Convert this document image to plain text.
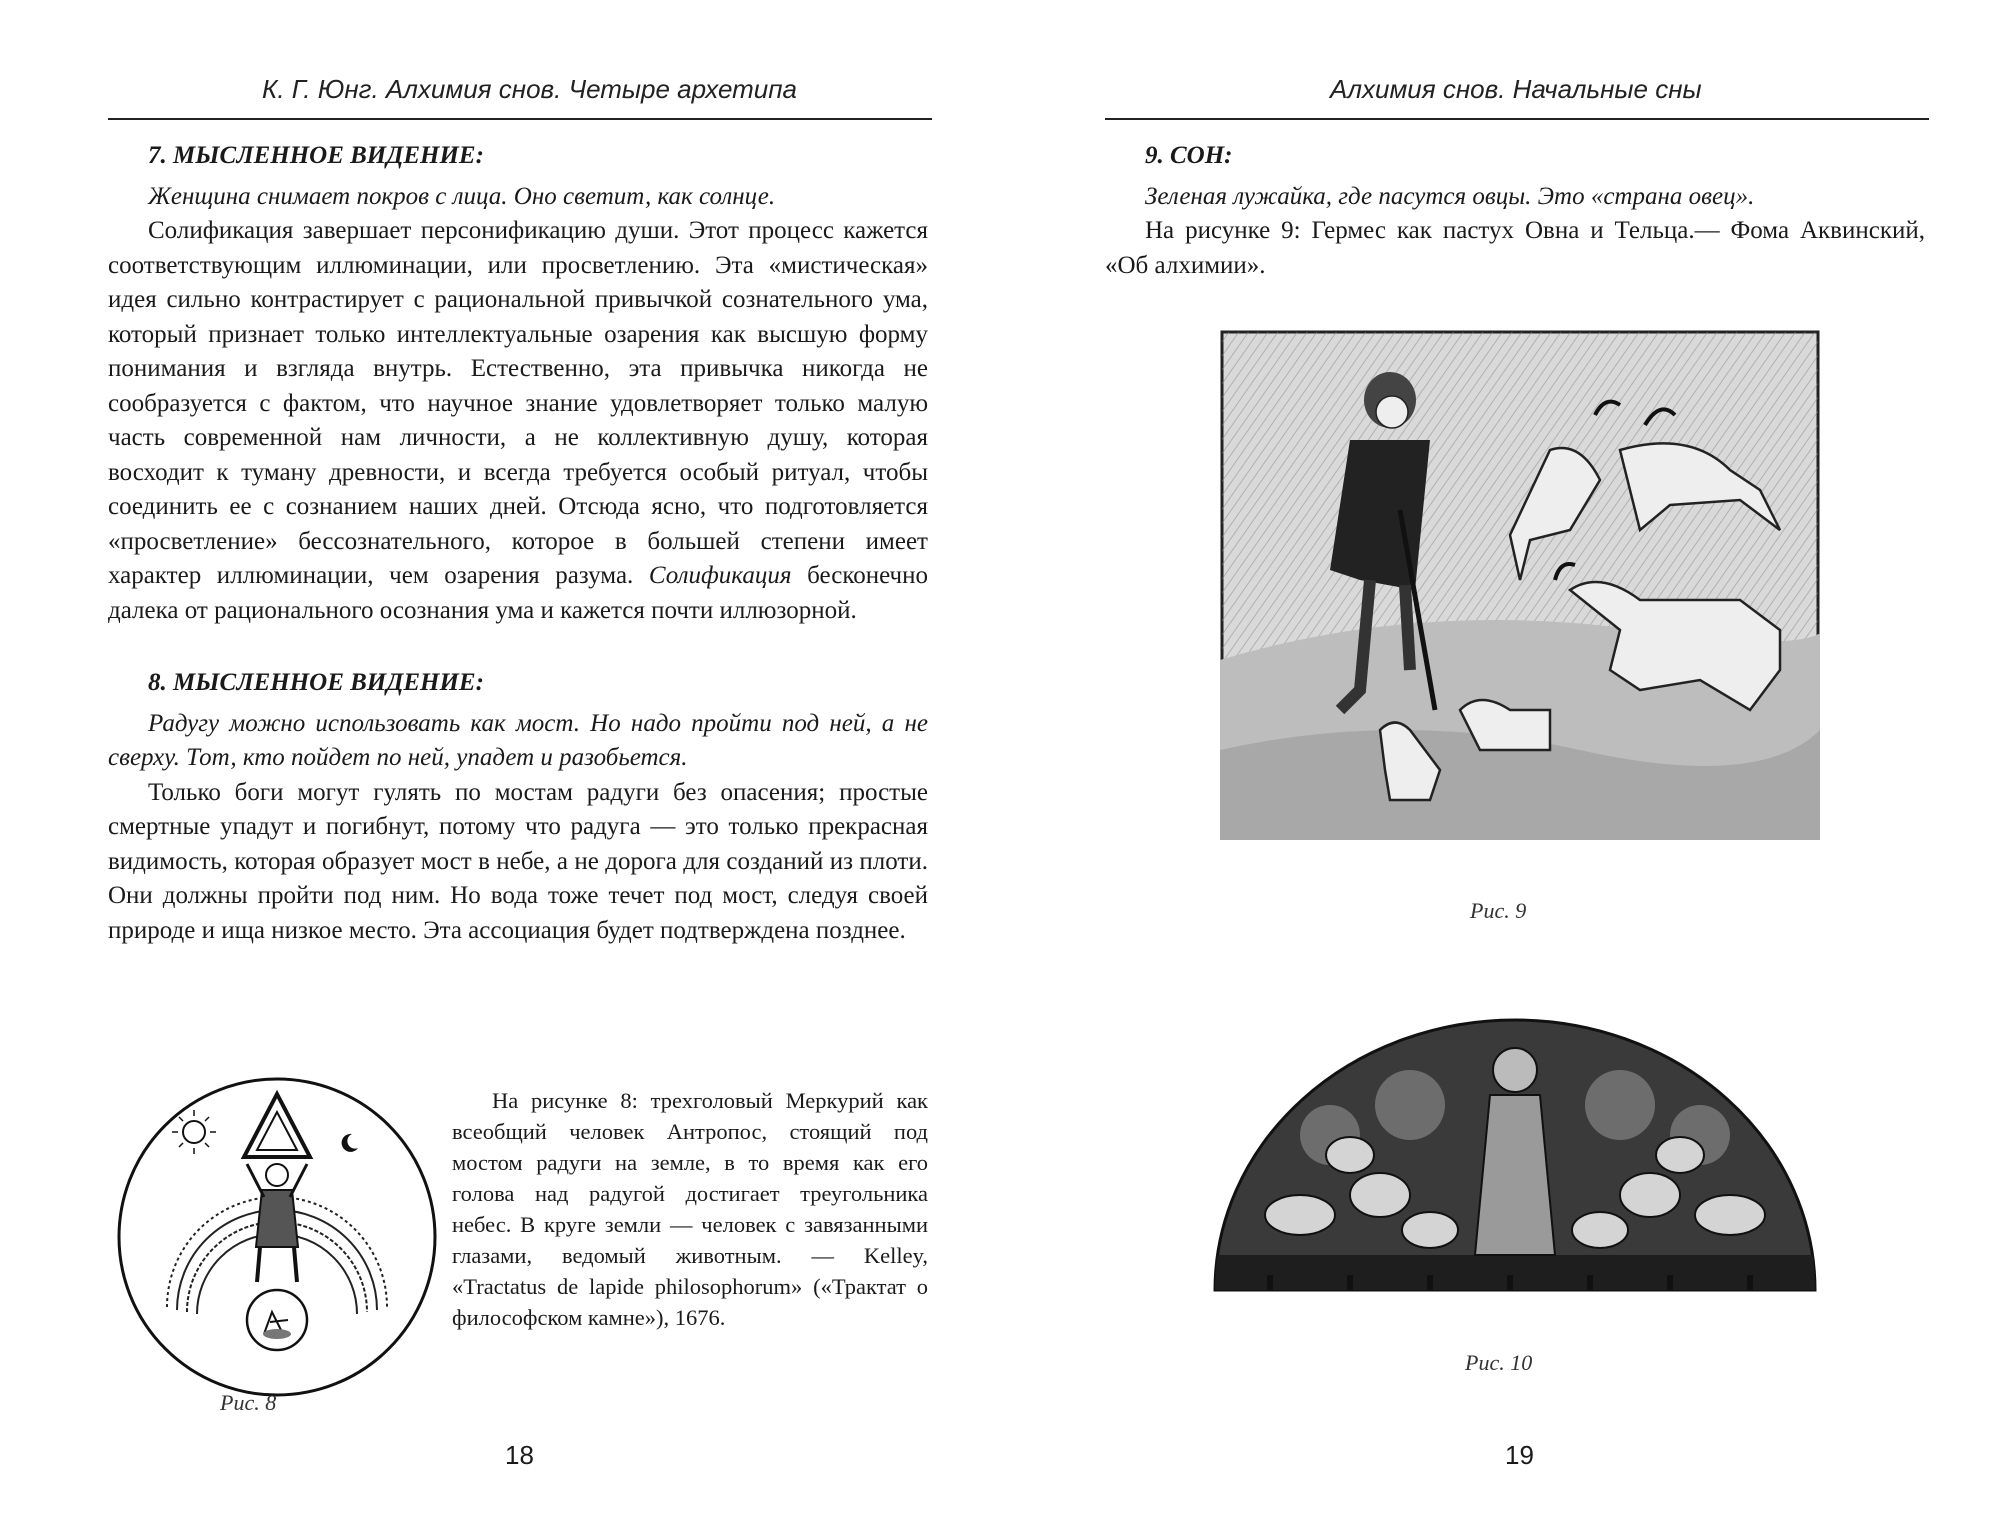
К. Г. Юнг. Алхимия снов. Четыре архетипа
7. МЫСЛЕННОЕ ВИДЕНИЕ:

Женщина снимает покров с лица. Оно светит, как солнце.

Солификация завершает персонификацию души. Этот процесс кажется соответствующим иллюминации, или просветлению. Эта «мистическая» идея сильно контрастирует с рациональной привычкой сознательного ума, который признает только интеллектуальные озарения как высшую форму понимания и взгляда внутрь. Естественно, эта привычка никогда не сообразуется с фактом, что научное знание удовлетворяет только малую часть современной нам личности, а не коллективную душу, которая восходит к туману древности, и всегда требуется особый ритуал, чтобы соединить ее с сознанием наших дней. Отсюда ясно, что подготовляется «просветление» бессознательного, которое в большей степени имеет характер иллюминации, чем озарения разума. Солификация бесконечно далека от рационального осознания ума и кажется почти иллюзорной.

8. МЫСЛЕННОЕ ВИДЕНИЕ:

Радугу можно использовать как мост. Но надо пройти под ней, а не сверху. Тот, кто пойдет по ней, упадет и разобьется.

Только боги могут гулять по мостам радуги без опасения; простые смертные упадут и погибнут, потому что радуга — это только прекрасная видимость, которая образует мост в небе, а не дорога для созданий из плоти. Они должны пройти под ним. Но вода тоже течет под мост, следуя своей природе и ища низкое место. Эта ассоциация будет подтверждена позднее.

На рисунке 8: трехголовый Меркурий как всеобщий человек Антропос, стоящий под мостом радуги на земле, в то время как его голова над радугой достигает треугольника небес. В круге земли — человек с завязанными глазами, ведомый животным. — Kelley, «Tractatus de lapide philosophorum» («Трактат о философском камне»), 1676.
Рис. 8
18
Алхимия снов. Начальные сны
9. СОН:

Зеленая лужайка, где пасутся овцы. Это «страна овец».

На рисунке 9: Гермес как пастух Овна и Тельца.— Фома Аквинский, «Об алхимии».

Рис. 9
Рис. 10
19
